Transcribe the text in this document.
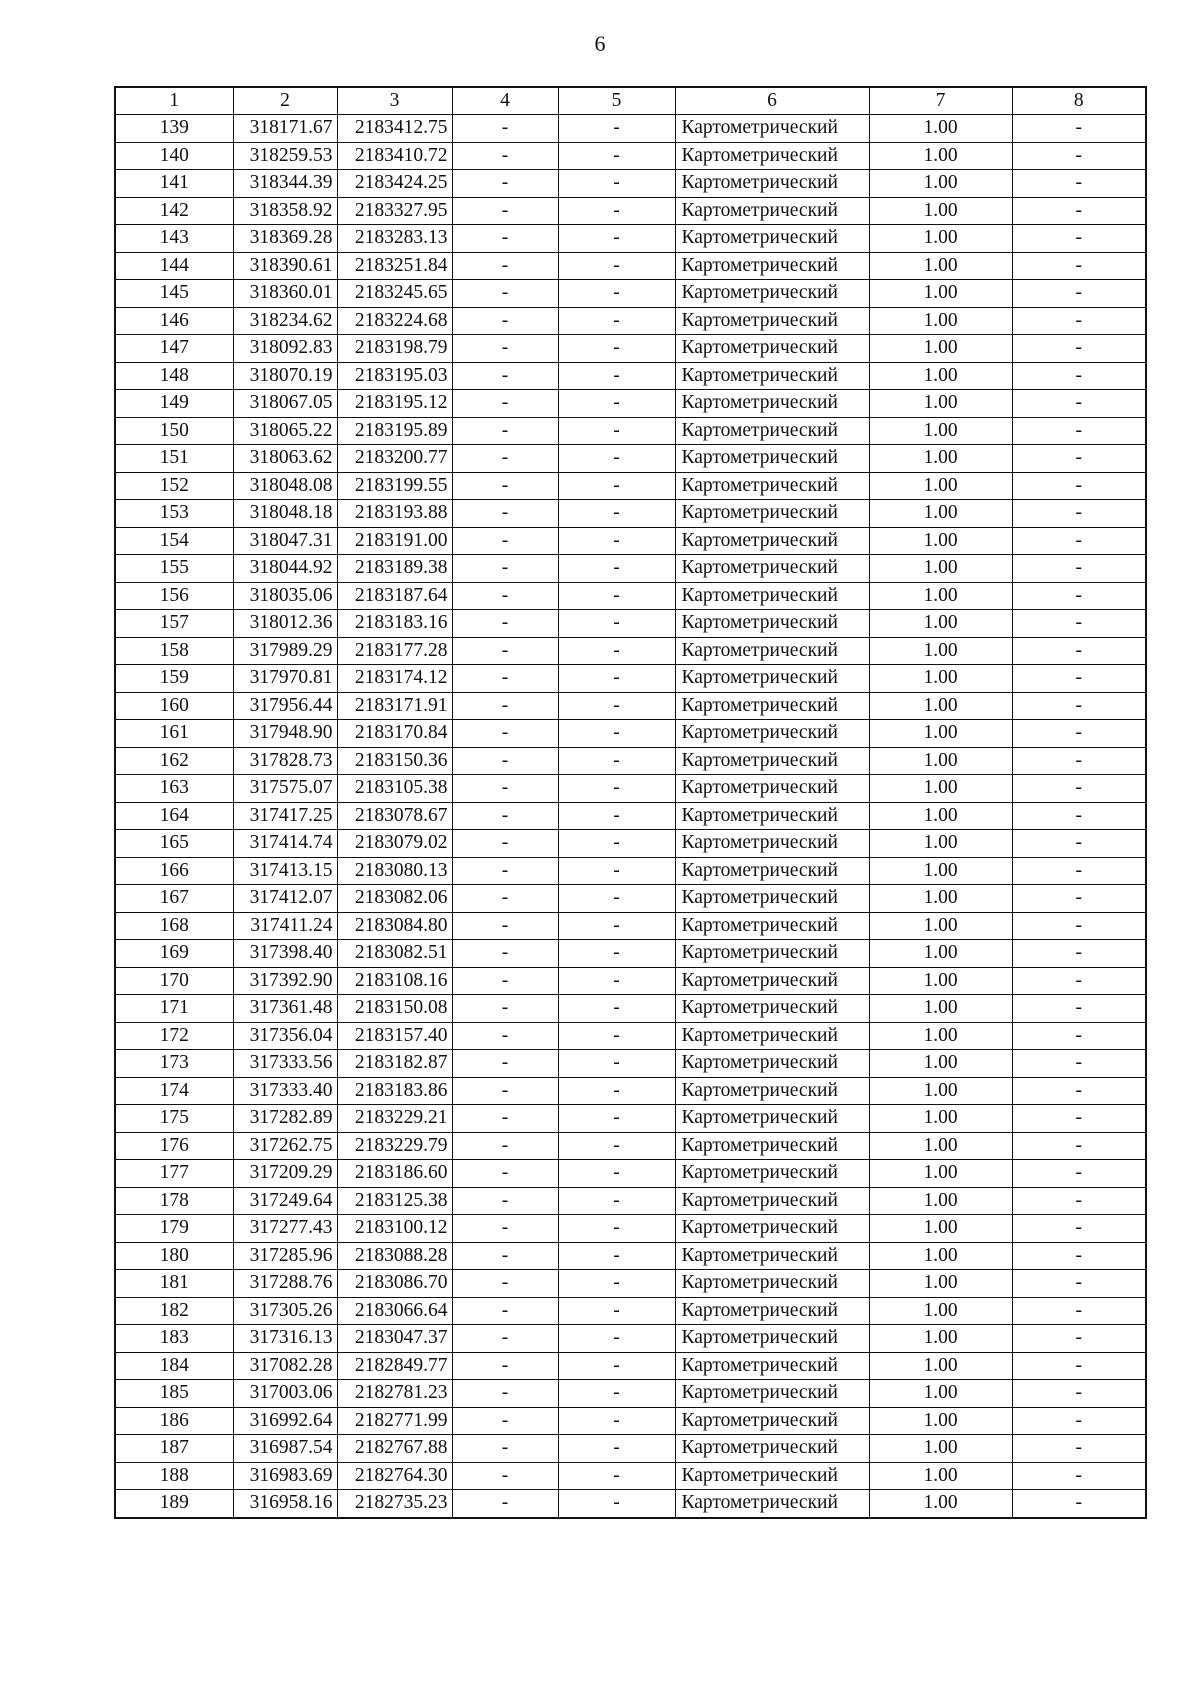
6
1	2	3	4	5	6	7	8
139	318171.67	2183412.75	-	-	Картометрический	1.00	-
140	318259.53	2183410.72	-	-	Картометрический	1.00	-
141	318344.39	2183424.25	-	-	Картометрический	1.00	-
142	318358.92	2183327.95	-	-	Картометрический	1.00	-
143	318369.28	2183283.13	-	-	Картометрический	1.00	-
144	318390.61	2183251.84	-	-	Картометрический	1.00	-
145	318360.01	2183245.65	-	-	Картометрический	1.00	-
146	318234.62	2183224.68	-	-	Картометрический	1.00	-
147	318092.83	2183198.79	-	-	Картометрический	1.00	-
148	318070.19	2183195.03	-	-	Картометрический	1.00	-
149	318067.05	2183195.12	-	-	Картометрический	1.00	-
150	318065.22	2183195.89	-	-	Картометрический	1.00	-
151	318063.62	2183200.77	-	-	Картометрический	1.00	-
152	318048.08	2183199.55	-	-	Картометрический	1.00	-
153	318048.18	2183193.88	-	-	Картометрический	1.00	-
154	318047.31	2183191.00	-	-	Картометрический	1.00	-
155	318044.92	2183189.38	-	-	Картометрический	1.00	-
156	318035.06	2183187.64	-	-	Картометрический	1.00	-
157	318012.36	2183183.16	-	-	Картометрический	1.00	-
158	317989.29	2183177.28	-	-	Картометрический	1.00	-
159	317970.81	2183174.12	-	-	Картометрический	1.00	-
160	317956.44	2183171.91	-	-	Картометрический	1.00	-
161	317948.90	2183170.84	-	-	Картометрический	1.00	-
162	317828.73	2183150.36	-	-	Картометрический	1.00	-
163	317575.07	2183105.38	-	-	Картометрический	1.00	-
164	317417.25	2183078.67	-	-	Картометрический	1.00	-
165	317414.74	2183079.02	-	-	Картометрический	1.00	-
166	317413.15	2183080.13	-	-	Картометрический	1.00	-
167	317412.07	2183082.06	-	-	Картометрический	1.00	-
168	317411.24	2183084.80	-	-	Картометрический	1.00	-
169	317398.40	2183082.51	-	-	Картометрический	1.00	-
170	317392.90	2183108.16	-	-	Картометрический	1.00	-
171	317361.48	2183150.08	-	-	Картометрический	1.00	-
172	317356.04	2183157.40	-	-	Картометрический	1.00	-
173	317333.56	2183182.87	-	-	Картометрический	1.00	-
174	317333.40	2183183.86	-	-	Картометрический	1.00	-
175	317282.89	2183229.21	-	-	Картометрический	1.00	-
176	317262.75	2183229.79	-	-	Картометрический	1.00	-
177	317209.29	2183186.60	-	-	Картометрический	1.00	-
178	317249.64	2183125.38	-	-	Картометрический	1.00	-
179	317277.43	2183100.12	-	-	Картометрический	1.00	-
180	317285.96	2183088.28	-	-	Картометрический	1.00	-
181	317288.76	2183086.70	-	-	Картометрический	1.00	-
182	317305.26	2183066.64	-	-	Картометрический	1.00	-
183	317316.13	2183047.37	-	-	Картометрический	1.00	-
184	317082.28	2182849.77	-	-	Картометрический	1.00	-
185	317003.06	2182781.23	-	-	Картометрический	1.00	-
186	316992.64	2182771.99	-	-	Картометрический	1.00	-
187	316987.54	2182767.88	-	-	Картометрический	1.00	-
188	316983.69	2182764.30	-	-	Картометрический	1.00	-
189	316958.16	2182735.23	-	-	Картометрический	1.00	-
